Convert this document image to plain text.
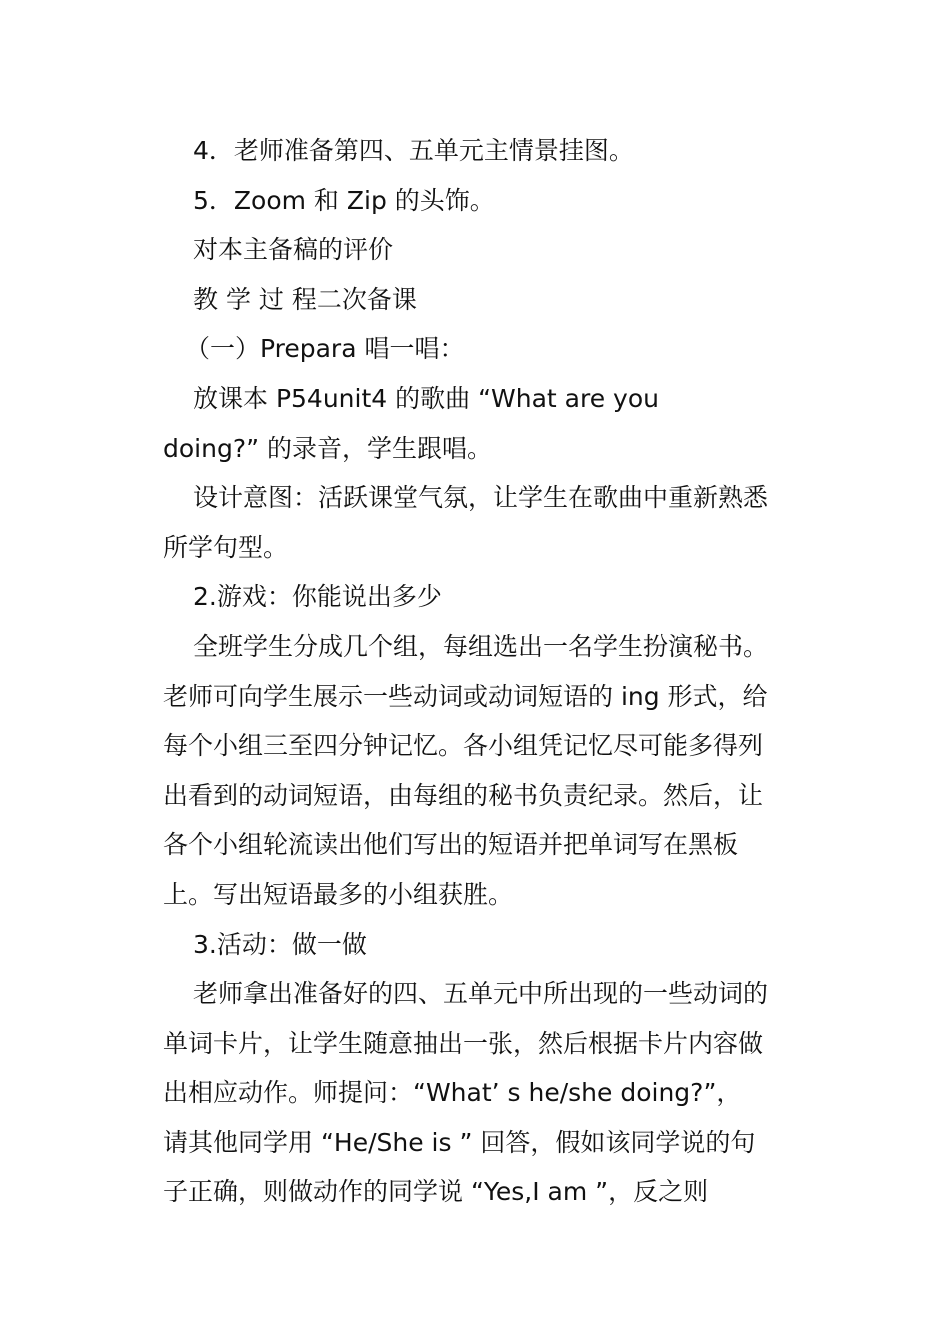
4．老师准备第四、五单元主情景挂图。
5．Zoom 和 Zip 的头饰。
对本主备稿的评价
教 学 过 程二次备课
（一）Prepara 唱一唱：
放课本 P54unit4 的歌曲 “What are you
doing?” 的录音，学生跟唱。
设计意图：活跃课堂气氛，让学生在歌曲中重新熟悉
所学句型。
2.游戏：你能说出多少
全班学生分成几个组，每组选出一名学生扮演秘书。
老师可向学生展示一些动词或动词短语的 ing 形式，给
每个小组三至四分钟记忆。各小组凭记忆尽可能多得列
出看到的动词短语，由每组的秘书负责纪录。然后，让
各个小组轮流读出他们写出的短语并把单词写在黑板
上。写出短语最多的小组获胜。
3.活动：做一做
老师拿出准备好的四、五单元中所出现的一些动词的
单词卡片，让学生随意抽出一张，然后根据卡片内容做
出相应动作。师提问：“What’ s he/she doing?”，
请其他同学用 “He/She is ” 回答，假如该同学说的句
子正确，则做动作的同学说 “Yes,I am ”，反之则
